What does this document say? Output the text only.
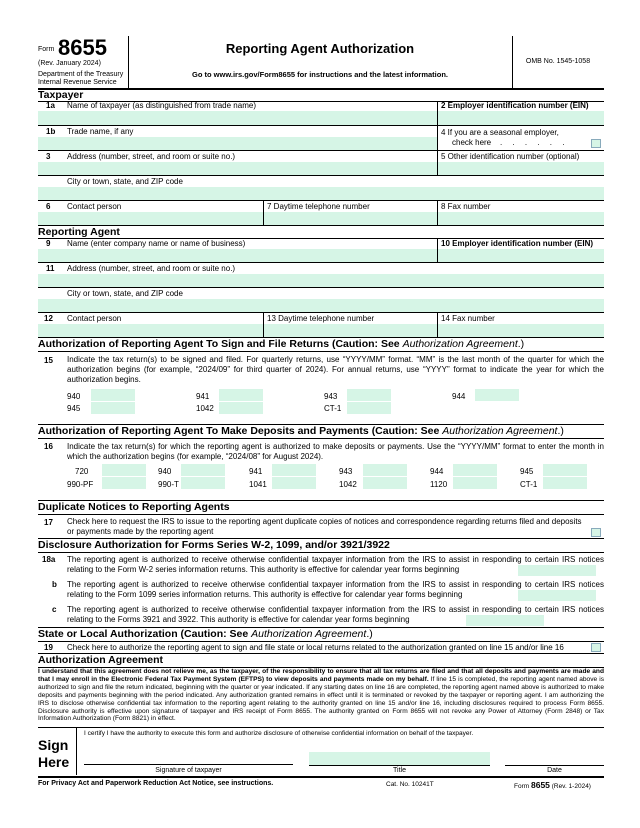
Form 8655
(Rev. January 2024)
Department of the Treasury
Internal Revenue Service
Reporting Agent Authorization
Go to www.irs.gov/Form8655 for instructions and the latest information.
OMB No. 1545-1058
Taxpayer
1a Name of taxpayer (as distinguished from trade name)	2 Employer identification number (EIN)
1b Trade name, if any	4 If you are a seasonal employer,
check here . . . . . .
3 Address (number, street, and room or suite no.)	5 Other identification number (optional)
City or town, state, and ZIP code
6 Contact person	7 Daytime telephone number	8 Fax number
Reporting Agent
9 Name (enter company name or name of business)	10 Employer identification number (EIN)
11 Address (number, street, and room or suite no.)
City or town, state, and ZIP code
12 Contact person	13 Daytime telephone number	14 Fax number
Authorization of Reporting Agent To Sign and File Returns (Caution: See Authorization Agreement.)
15 Indicate the tax return(s) to be signed and filed. For quarterly returns, use “YYYY/MM” format. “MM” is the last month of the quarter for which the authorization begins (for example, “2024/09” for third quarter of 2024). For annual returns, use “YYYY” format to indicate the year for which the authorization begins.
940	941	943	944
945	1042	CT-1
Authorization of Reporting Agent To Make Deposits and Payments (Caution: See Authorization Agreement.)
16 Indicate the tax return(s) for which the reporting agent is authorized to make deposits or payments. Use the “YYYY/MM” format to enter the month in which the authorization begins (for example, “2024/08” for August 2024).
720	940	941	943	944	945
990-PF	990-T	1041	1042	1120	CT-1
Duplicate Notices to Reporting Agents
17 Check here to request the IRS to issue to the reporting agent duplicate copies of notices and correspondence regarding returns filed and deposits or payments made by the reporting agent
Disclosure Authorization for Forms Series W-2, 1099, and/or 3921/3922
18a The reporting agent is authorized to receive otherwise confidential taxpayer information from the IRS to assist in responding to certain IRS notices relating to the Form W-2 series information returns. This authority is effective for calendar year forms beginning
b The reporting agent is authorized to receive otherwise confidential taxpayer information from the IRS to assist in responding to certain IRS notices relating to the Form 1099 series information returns. This authority is effective for calendar year forms beginning
c The reporting agent is authorized to receive otherwise confidential taxpayer information from the IRS to assist in responding to certain IRS notices relating to the Forms 3921 and 3922. This authority is effective for calendar year forms beginning
State or Local Authorization (Caution: See Authorization Agreement.)
19 Check here to authorize the reporting agent to sign and file state or local returns related to the authorization granted on line 15 and/or line 16
Authorization Agreement
I understand that this agreement does not relieve me, as the taxpayer, of the responsibility to ensure that all tax returns are filed and that all deposits and payments are made and that I may enroll in the Electronic Federal Tax Payment System (EFTPS) to view deposits and payments made on my behalf. If line 15 is completed, the reporting agent named above is authorized to sign and file the return indicated, beginning with the quarter or year indicated. If any starting dates on line 16 are completed, the reporting agent named above is authorized to make deposits and payments beginning with the period indicated. Any authorization granted remains in effect until it is terminated or revoked by the taxpayer or reporting agent. I am authorizing the IRS to disclose otherwise confidential tax information to the reporting agent relating to the authority granted on line 15 and/or line 16, including disclosures required to process Form 8655. Disclosure authority is effective upon signature of taxpayer and IRS receipt of Form 8655. The authority granted on Form 8655 will not revoke any Power of Attorney (Form 2848) or Tax Information Authorization (Form 8821) in effect.
Sign
Here
I certify I have the authority to execute this form and authorize disclosure of otherwise confidential information on behalf of the taxpayer.
Signature of taxpayer	Title	Date
For Privacy Act and Paperwork Reduction Act Notice, see instructions.	Cat. No. 10241T	Form 8655 (Rev. 1-2024)
